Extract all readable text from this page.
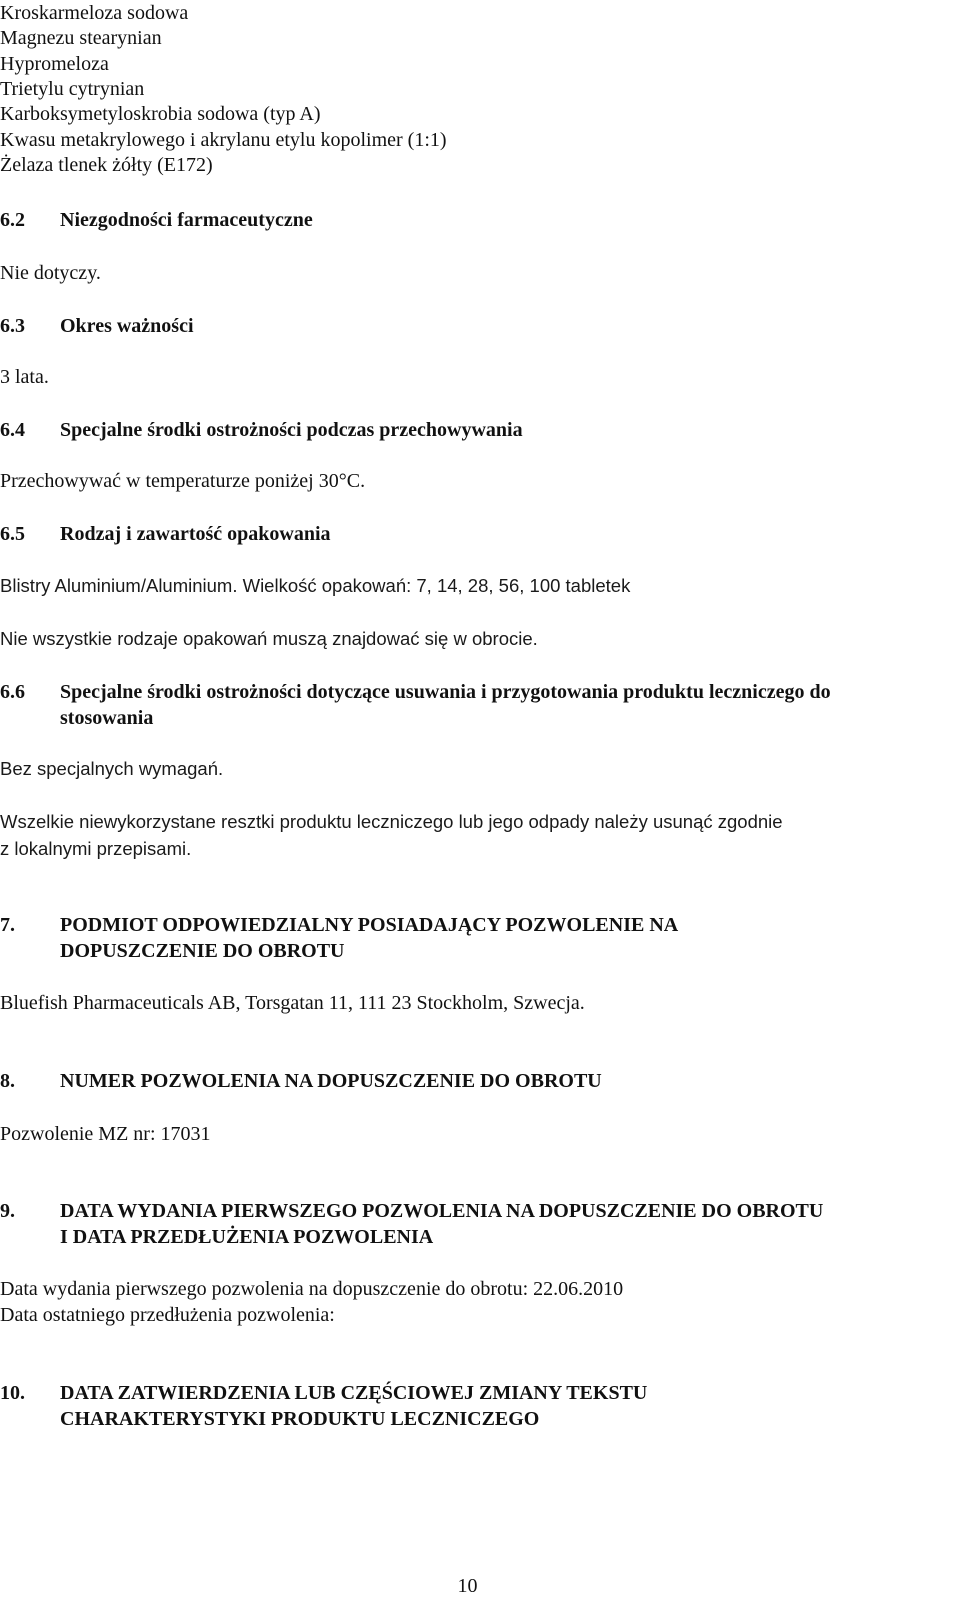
Kroskarmeloza sodowa
Magnezu stearynian
Hypromeloza
Trietylu cytrynian
Karboksymetyloskrobia sodowa (typ A)
Kwasu metakrylowego i akrylanu etylu kopolimer (1:1)
Żelaza tlenek żółty (E172)
6.2 Niezgodności farmaceutyczne
Nie dotyczy.
6.3 Okres ważności
3 lata.
6.4 Specjalne środki ostrożności podczas przechowywania
Przechowywać w temperaturze poniżej 30°C.
6.5 Rodzaj i zawartość opakowania
Blistry Aluminium/Aluminium. Wielkość opakowań: 7, 14, 28, 56, 100 tabletek
Nie wszystkie rodzaje opakowań muszą znajdować się w obrocie.
6.6 Specjalne środki ostrożności dotyczące usuwania i przygotowania produktu leczniczego do
stosowania
Bez specjalnych wymagań.
Wszelkie niewykorzystane resztki produktu leczniczego lub jego odpady należy usunąć zgodnie
z lokalnymi przepisami.
7. PODMIOT ODPOWIEDZIALNY POSIADAJĄCY POZWOLENIE NA
DOPUSZCZENIE DO OBROTU
Bluefish Pharmaceuticals AB, Torsgatan 11, 111 23 Stockholm, Szwecja.
8. NUMER POZWOLENIA NA DOPUSZCZENIE DO OBROTU
Pozwolenie MZ nr: 17031
9. DATA WYDANIA PIERWSZEGO POZWOLENIA NA DOPUSZCZENIE DO OBROTU
I DATA PRZEDŁUŻENIA POZWOLENIA
Data wydania pierwszego pozwolenia na dopuszczenie do obrotu: 22.06.2010
Data ostatniego przedłużenia pozwolenia:
10. DATA ZATWIERDZENIA LUB CZĘŚCIOWEJ ZMIANY TEKSTU
CHARAKTERYSTYKI PRODUKTU LECZNICZEGO
10
